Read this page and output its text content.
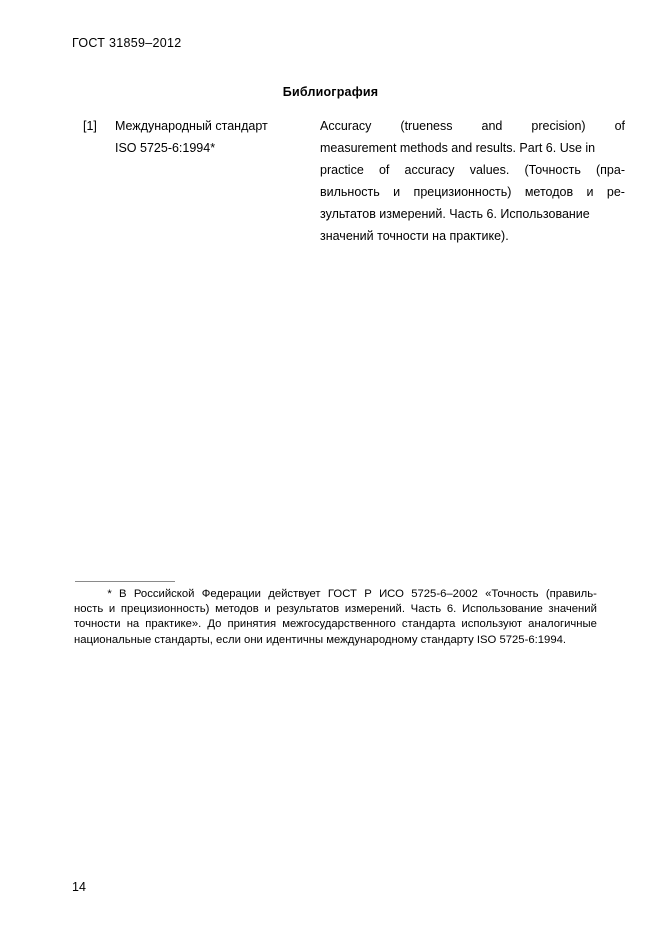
ГОСТ 31859–2012
Библиография
[1]	Международный стандарт
ISO 5725-6:1994*
Accuracy (trueness and precision) of
measurement methods and results. Part 6. Use in
practice of accuracy values. (Точность (пра-
вильность и прецизионность) методов и ре-
зультатов измерений. Часть 6. Использование
значений точности на практике).
* В Российской Федерации действует ГОСТ Р ИСО 5725-6–2002 «Точность (правиль-
ность и прецизионность) методов и результатов измерений. Часть 6. Использование значений
точности на практике». До принятия межгосударственного стандарта используют аналогичные
национальные стандарты, если они идентичны международному стандарту ISO 5725-6:1994.
14
